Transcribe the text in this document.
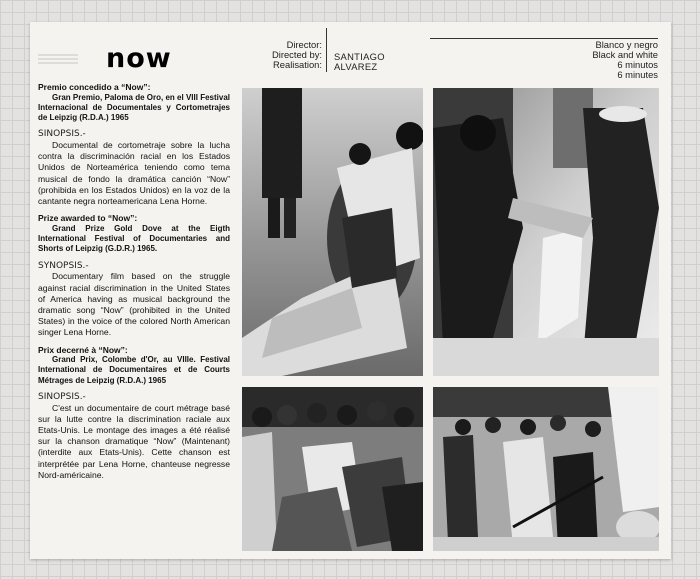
now
Premio concedido a “Now”:
Gran Premio, Paloma de Oro, en el VIII Festival Internacional de Documentales y Cortometrajes de Leipzig (R.D.A.) 1965
SINOPSIS.-
Documental de cortometraje sobre la lucha contra la discriminación racial en los Estados Unidos de Norteamérica teniendo como tema musical de fondo la dramática canción “Now” (prohibida en los Estados Unidos) en la voz de la cantante negra norteamericana Lena Horne.
Prize awarded to “Now”:
Grand Prize Gold Dove at the Eigth International Festival of Documentaries and Shorts of Leipzig (G.D.R.) 1965.
SYNOPSIS.-
Documentary film based on the struggle against racial discrimination in the United States of America having as musical background the dramatic song “Now” (prohibited in the United States) in the voice of the colored North American singer Lena Horne.
Prix decerné à “Now”:
Grand Prix, Colombe d'Or, au VIIIe. Festival International de Documentaires et de Courts Métrages de Leipzig (R.D.A.) 1965
SINOPSIS.-
C'est un documentaire de court métrage basé sur la lutte contre la discrimination raciale aux Etats-Unis. Le montage des images a été réalisé sur la chanson dramatique “Now” (Maintenant) (interdite aux Etats-Unis). Cette chanson est interprétée par Lena Horne, chanteuse negresse Nord-américaine.
Director:
Directed by:
Realisation:
SANTIAGO
ALVAREZ
Blanco y negro
Black and white
6 minutos
6 minutes
